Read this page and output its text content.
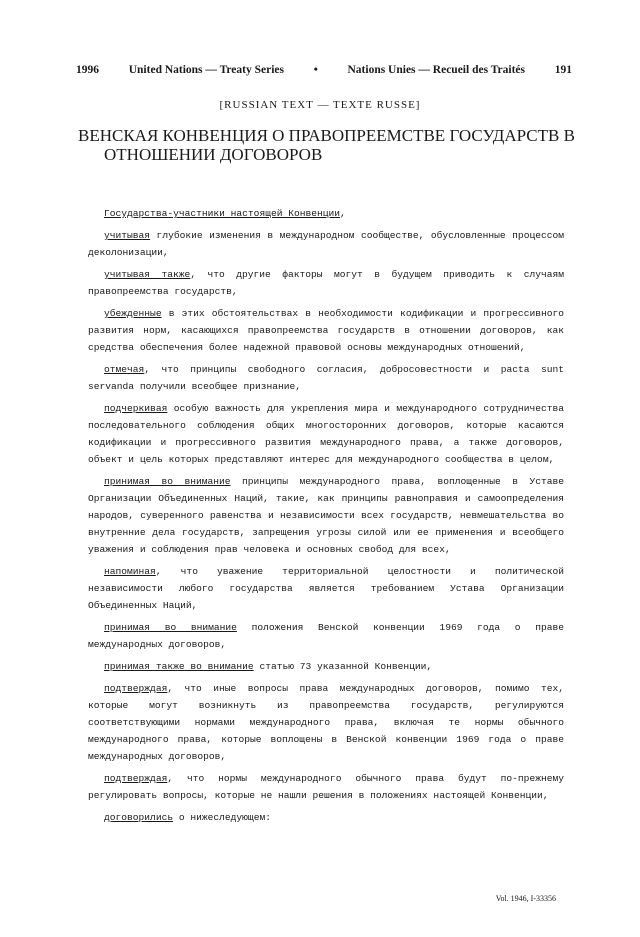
1996	United Nations — Treaty Series	•	Nations Unies — Recueil des Traités	191
[RUSSIAN TEXT — TEXTE RUSSE]
ВЕНСКАЯ КОНВЕНЦИЯ О ПРАВОПРЕЕМСТВЕ ГОСУДАРСТВ В
ОТНОШЕНИИ ДОГОВОРОВ

Государства-участники настоящей Конвенции,

учитывая глубокие изменения в международном сообществе, обусловленные процессом деколонизации,

учитывая также, что другие факторы могут в будущем приводить к случаям правопреемства государств,

убежденные в этих обстоятельствах в необходимости кодификации и прогрессивного развития норм, касающихся правопреемства государств в отношении договоров, как средства обеспечения более надежной правовой основы международных отношений,

отмечая, что принципы свободного согласия, добросовестности и pacta sunt servanda получили всеобщее признание,

подчеркивая особую важность для укрепления мира и международного сотрудничества последовательного соблюдения общих многосторонних договоров, которые касаются кодификации и прогрессивного развития международного права, а также договоров, объект и цель которых представляют интерес для международного сообщества в целом,

принимая во внимание принципы международного права, воплощенные в Уставе Организации Объединенных Наций, такие, как принципы равноправия и самоопределения народов, суверенного равенства и независимости всех государств, невмешательства во внутренние дела государств, запрещения угрозы силой или ее применения и всеобщего уважения и соблюдения прав человека и основных свобод для всех,

напоминая, что уважение территориальной целостности и политической независимости любого государства является требованием Устава Организации Объединенных Наций,

принимая во внимание положения Венской конвенции 1969 года о праве международных договоров,

принимая также во внимание статью 73 указанной Конвенции,

подтверждая, что иные вопросы права международных договоров, помимо тех, которые могут возникнуть из правопреемства государств, регулируются соответствующими нормами международного права, включая те нормы обычного международного права, которые воплощены в Венской конвенции 1969 года о праве международных договоров,

подтверждая, что нормы международного обычного права будут по-прежнему регулировать вопросы, которые не нашли решения в положениях настоящей Конвенции,

договорились о нижеследующем:

Vol. 1946, I-33356
